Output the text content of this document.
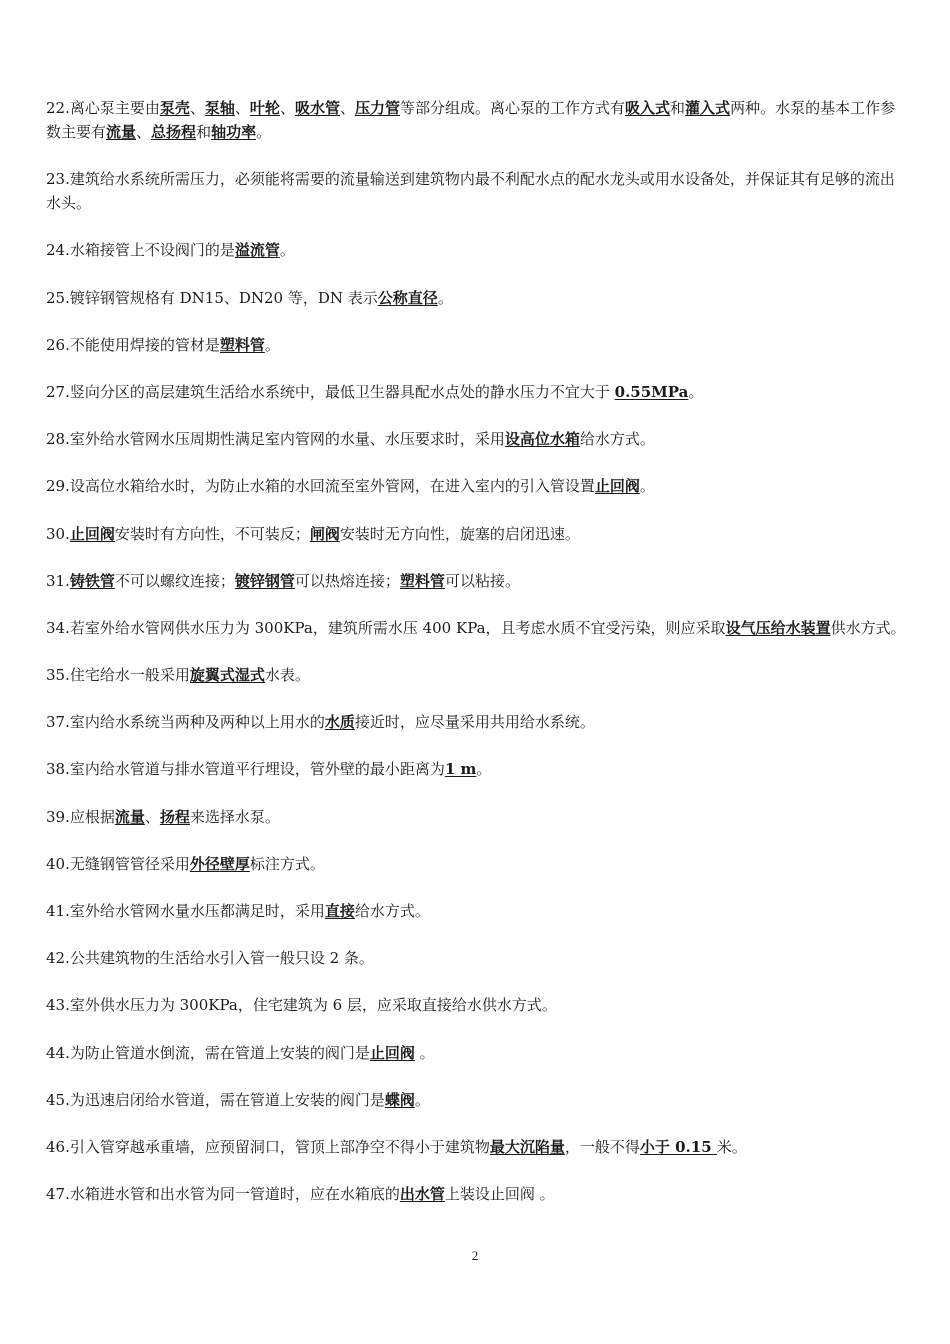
22.离心泵主要由泵壳、泵轴、叶轮、吸水管、压力管等部分组成。离心泵的工作方式有吸入式和灌入式两种。水泵的基本工作参数主要有流量、总扬程和轴功率。

23.建筑给水系统所需压力，必须能将需要的流量输送到建筑物内最不利配水点的配水龙头或用水设备处，并保证其有足够的流出水头。

24.水箱接管上不设阀门的是溢流管。

25.镀锌钢管规格有 DN15、DN20 等，DN 表示公称直径。

26.不能使用焊接的管材是塑料管。

27.竖向分区的高层建筑生活给水系统中，最低卫生器具配水点处的静水压力不宜大于 0.55MPa。

28.室外给水管网水压周期性满足室内管网的水量、水压要求时，采用设高位水箱给水方式。

29.设高位水箱给水时，为防止水箱的水回流至室外管网，在进入室内的引入管设置止回阀。

30.止回阀安装时有方向性，不可装反；闸阀安装时无方向性，旋塞的启闭迅速。

31.铸铁管不可以螺纹连接；镀锌钢管可以热熔连接；塑料管可以粘接。

34.若室外给水管网供水压力为 300KPa，建筑所需水压 400 KPa，且考虑水质不宜受污染，则应采取设气压给水装置供水方式。

35.住宅给水一般采用旋翼式湿式水表。

37.室内给水系统当两种及两种以上用水的水质接近时，应尽量采用共用给水系统。

38.室内给水管道与排水管道平行埋设，管外壁的最小距离为1 m。

39.应根据流量、扬程来选择水泵。

40.无缝钢管管径采用外径壁厚标注方式。

41.室外给水管网水量水压都满足时，采用直接给水方式。

42.公共建筑物的生活给水引入管一般只设 2 条。

43.室外供水压力为 300KPa，住宅建筑为 6 层，应采取直接给水供水方式。

44.为防止管道水倒流，需在管道上安装的阀门是止回阀 。

45.为迅速启闭给水管道，需在管道上安装的阀门是蝶阀。

46.引入管穿越承重墙，应预留洞口，管顶上部净空不得小于建筑物最大沉陷量，一般不得小于 0.15 米。

47.水箱进水管和出水管为同一管道时，应在水箱底的出水管上装设止回阀 。

2
